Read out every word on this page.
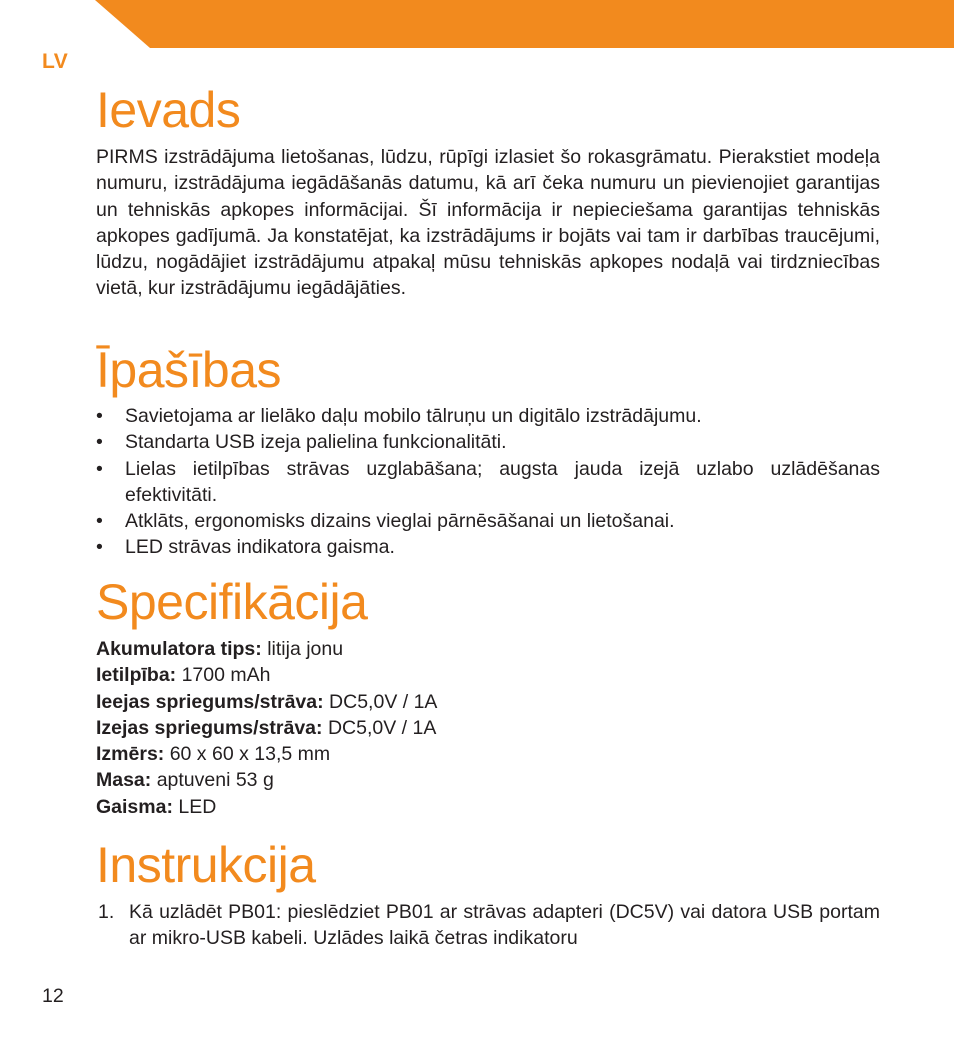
LV
Ievads
PIRMS izstrādājuma lietošanas, lūdzu, rūpīgi izlasiet šo rokasgrāmatu. Pierakstiet modeļa numuru, izstrādājuma iegādāšanās datumu, kā arī čeka numuru un pievienojiet garantijas un tehniskās apkopes informācijai. Šī informācija ir nepieciešama garantijas tehniskās apkopes gadījumā. Ja konstatējat, ka izstrādājums ir bojāts vai tam ir darbības traucējumi, lūdzu, nogādājiet izstrādājumu atpakaļ mūsu tehniskās apkopes nodaļā vai tirdzniecības vietā, kur izstrādājumu iegādājāties.
Īpašības
• Savietojama ar lielāko daļu mobilo tālruņu un digitālo izstrādājumu.
• Standarta USB izeja palielina funkcionalitāti.
• Lielas ietilpības strāvas uzglabāšana; augsta jauda izejā uzlabo uzlādēšanas efektivitāti.
• Atklāts, ergonomisks dizains vieglai pārnēsāšanai un lietošanai.
• LED strāvas indikatora gaisma.
Specifikācija
Akumulatora tips: litija jonu
Ietilpība: 1700 mAh
Ieejas spriegums/strāva: DC5,0V / 1A
Izejas spriegums/strāva: DC5,0V / 1A
Izmērs: 60 x 60 x 13,5 mm
Masa: aptuveni 53 g
Gaisma: LED
Instrukcija
1. Kā uzlādēt PB01: pieslēdziet PB01 ar strāvas adapteri (DC5V) vai datora USB portam ar mikro-USB kabeli. Uzlādes laikā četras indikatoru
12
